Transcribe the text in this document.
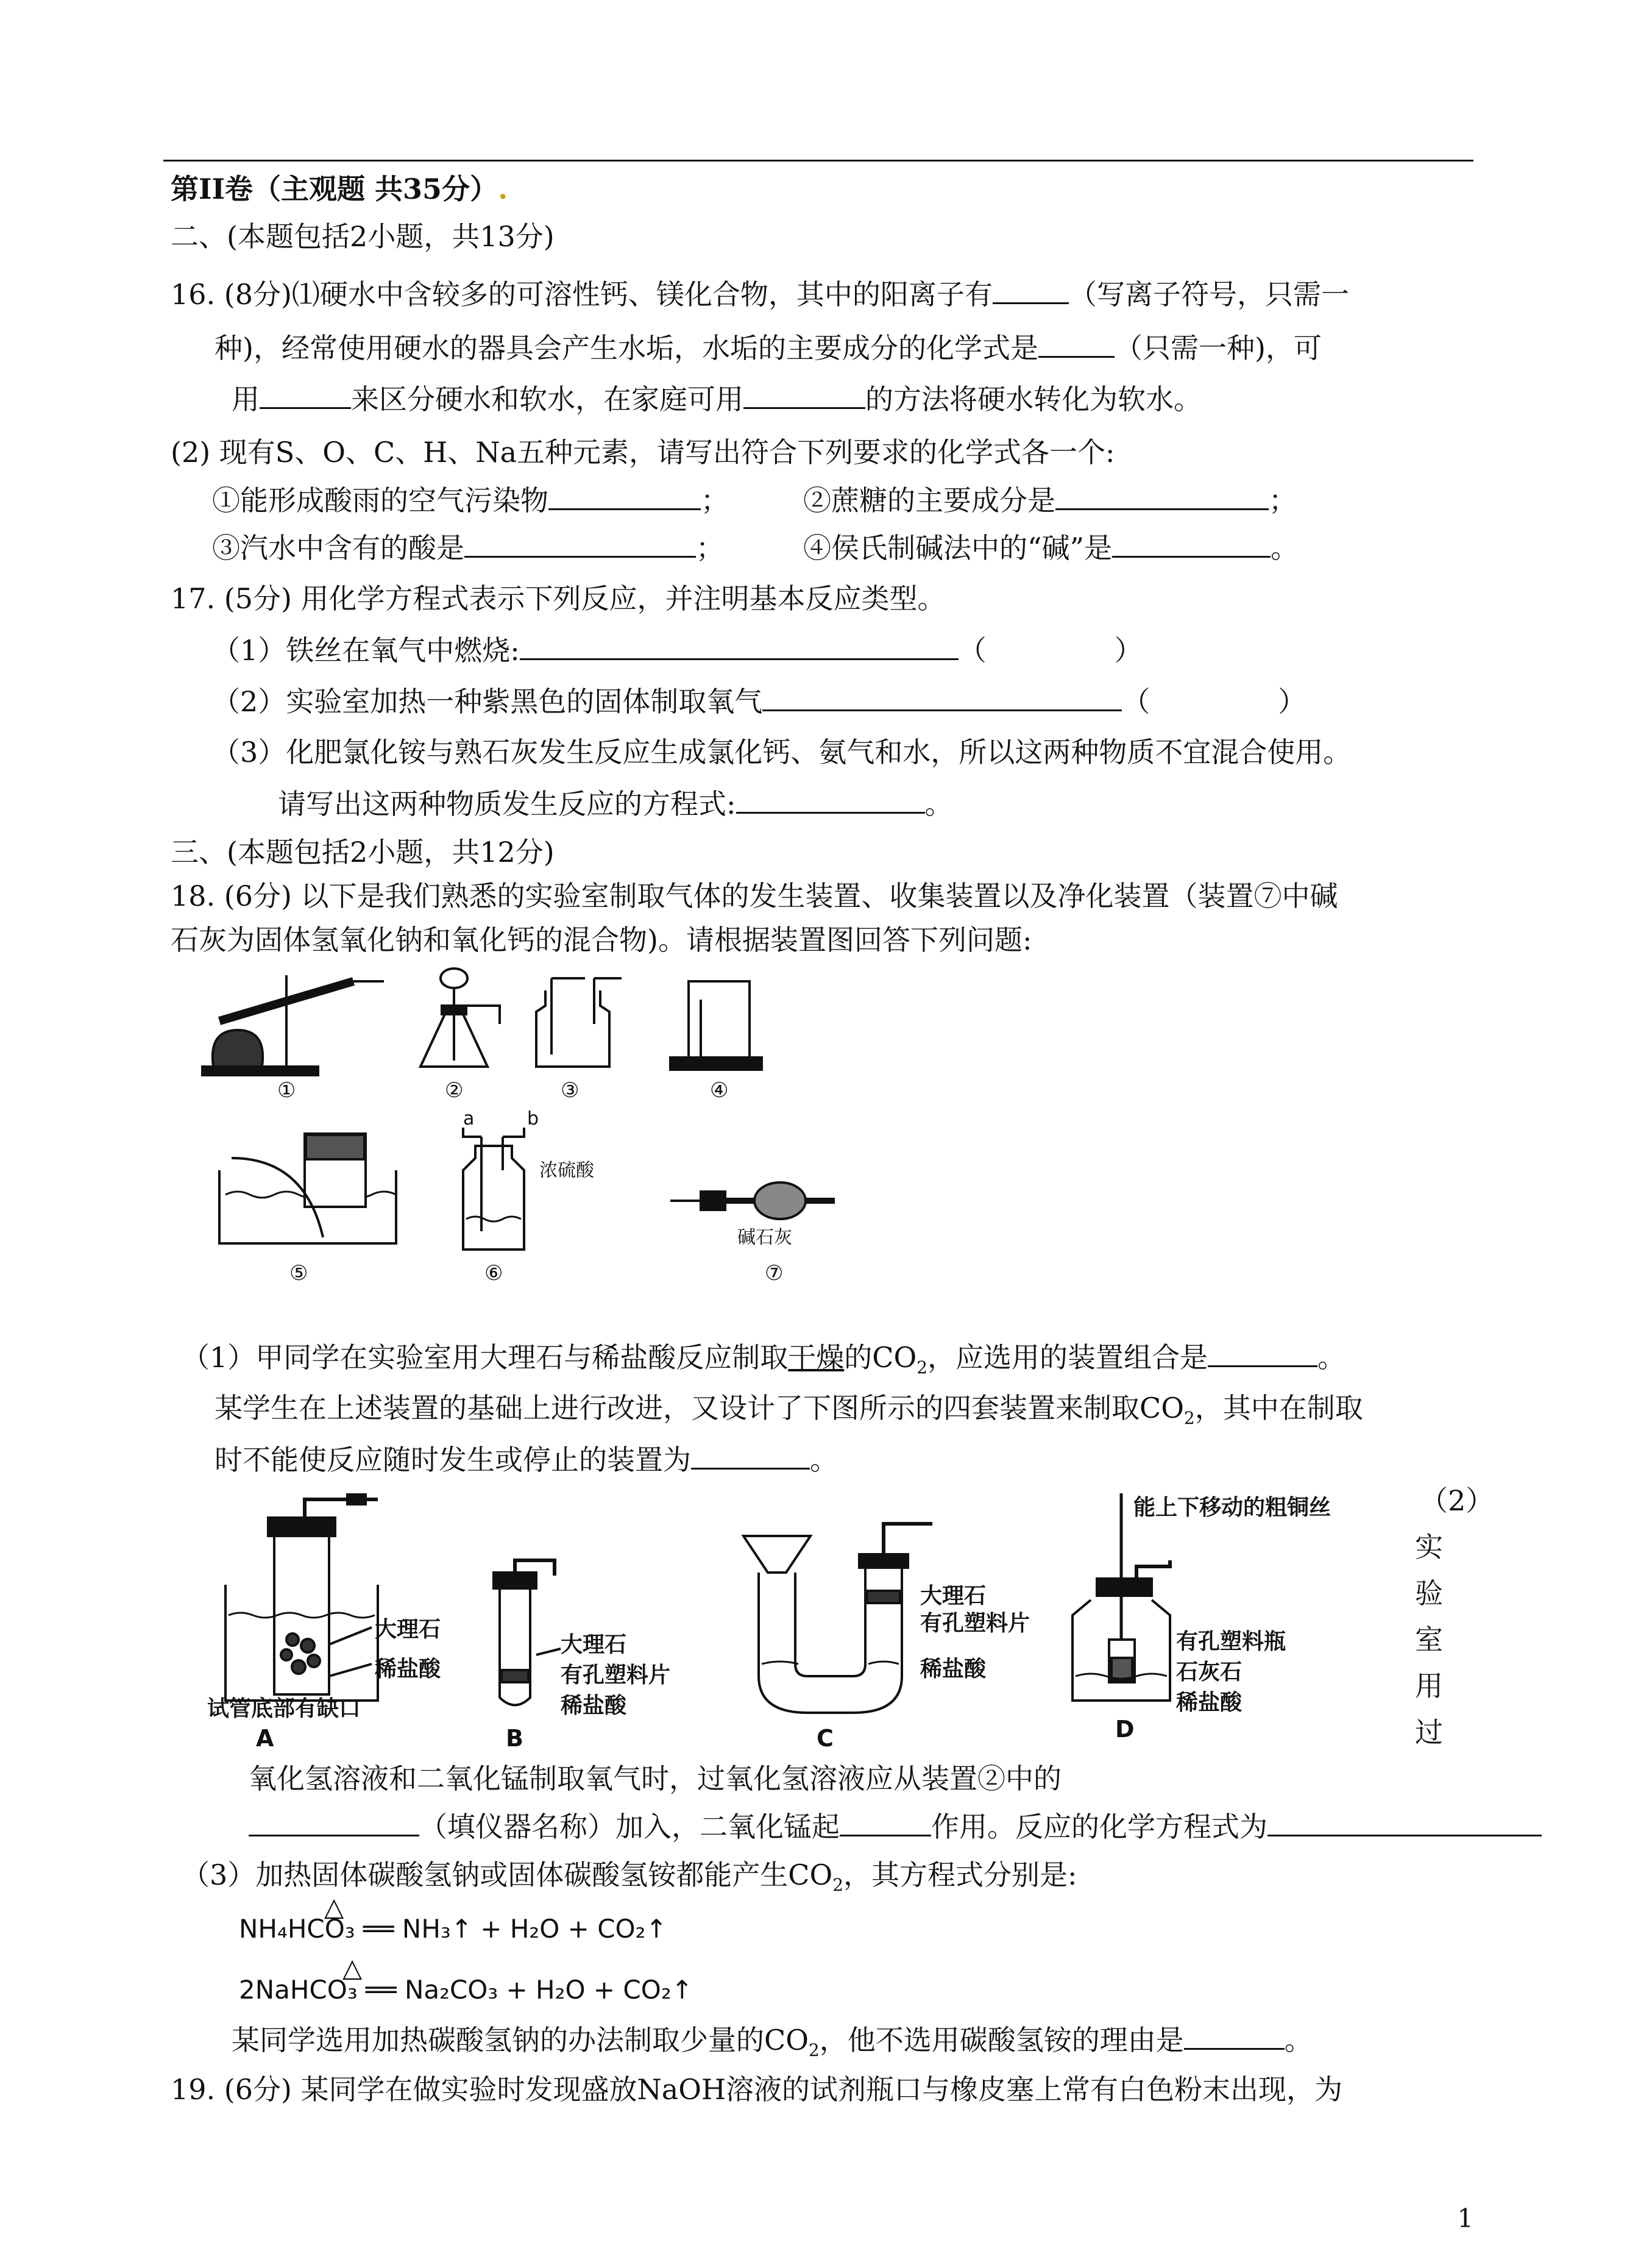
第II卷（主观题 共35分）.
二、(本题包括2小题，共13分)
16. (8分)⑴硬水中含较多的可溶性钙、镁化合物，其中的阳离子有	（写离子符号，只需一
种)，经常使用硬水的器具会产生水垢，水垢的主要成分的化学式是	（只需一种)，可
用	来区分硬水和软水，在家庭可用	的方法将硬水转化为软水。
(2) 现有S、O、C、H、Na五种元素，请写出符合下列要求的化学式各一个:
①能形成酸雨的空气污染物	；	②蔗糖的主要成分是	；
③汽水中含有的酸是	；	④侯氏制碱法中的“碱”是	。
17. (5分) 用化学方程式表示下列反应，并注明基本反应类型。
（1）铁丝在氧气中燃烧:	（	）
（2）实验室加热一种紫黑色的固体制取氧气	（	）
（3）化肥氯化铵与熟石灰发生反应生成氯化钙、氨气和水，所以这两种物质不宜混合使用。
请写出这两种物质发生反应的方程式:	。
三、(本题包括2小题，共12分)
18. (6分) 以下是我们熟悉的实验室制取气体的发生装置、收集装置以及净化装置（装置⑦中碱
石灰为固体氢氧化钠和氧化钙的混合物)。请根据装置图回答下列问题:
①	②	③	④
a	b
浓硫酸
碱石灰
⑤	⑥	⑦
（1）甲同学在实验室用大理石与稀盐酸反应制取干燥的$CO_2$，应选用的装置组合是	。
某学生在上述装置的基础上进行改进，又设计了下图所示的四套装置来制取$CO_2$，其中在制取
时不能使反应随时发生或停止的装置为	。
大理石
稀盐酸
试管底部有缺口
A
大理石
有孔塑料片
稀盐酸
B
大理石
有孔塑料片
稀盐酸
C
能上下移动的粗铜丝
有孔塑料瓶
石灰石
稀盐酸
D
（2）
实
验
室
用
过
氧化氢溶液和二氧化锰制取氧气时，过氧化氢溶液应从装置②中的
（填仪器名称）加入，二氧化锰起	作用。反应的化学方程式为
（3）加热固体碳酸氢钠或固体碳酸氢铵都能产生$CO_2$，其方程式分别是:
△
NH₄HCO₃ ══ NH₃↑ + H₂O + CO₂↑
△
2NaHCO₃ ══ Na₂CO₃ + H₂O + CO₂↑
某同学选用加热碳酸氢钠的办法制取少量的$CO_2$，他不选用碳酸氢铵的理由是	。
19. (6分) 某同学在做实验时发现盛放NaOH溶液的试剂瓶口与橡皮塞上常有白色粉末出现，为
1
